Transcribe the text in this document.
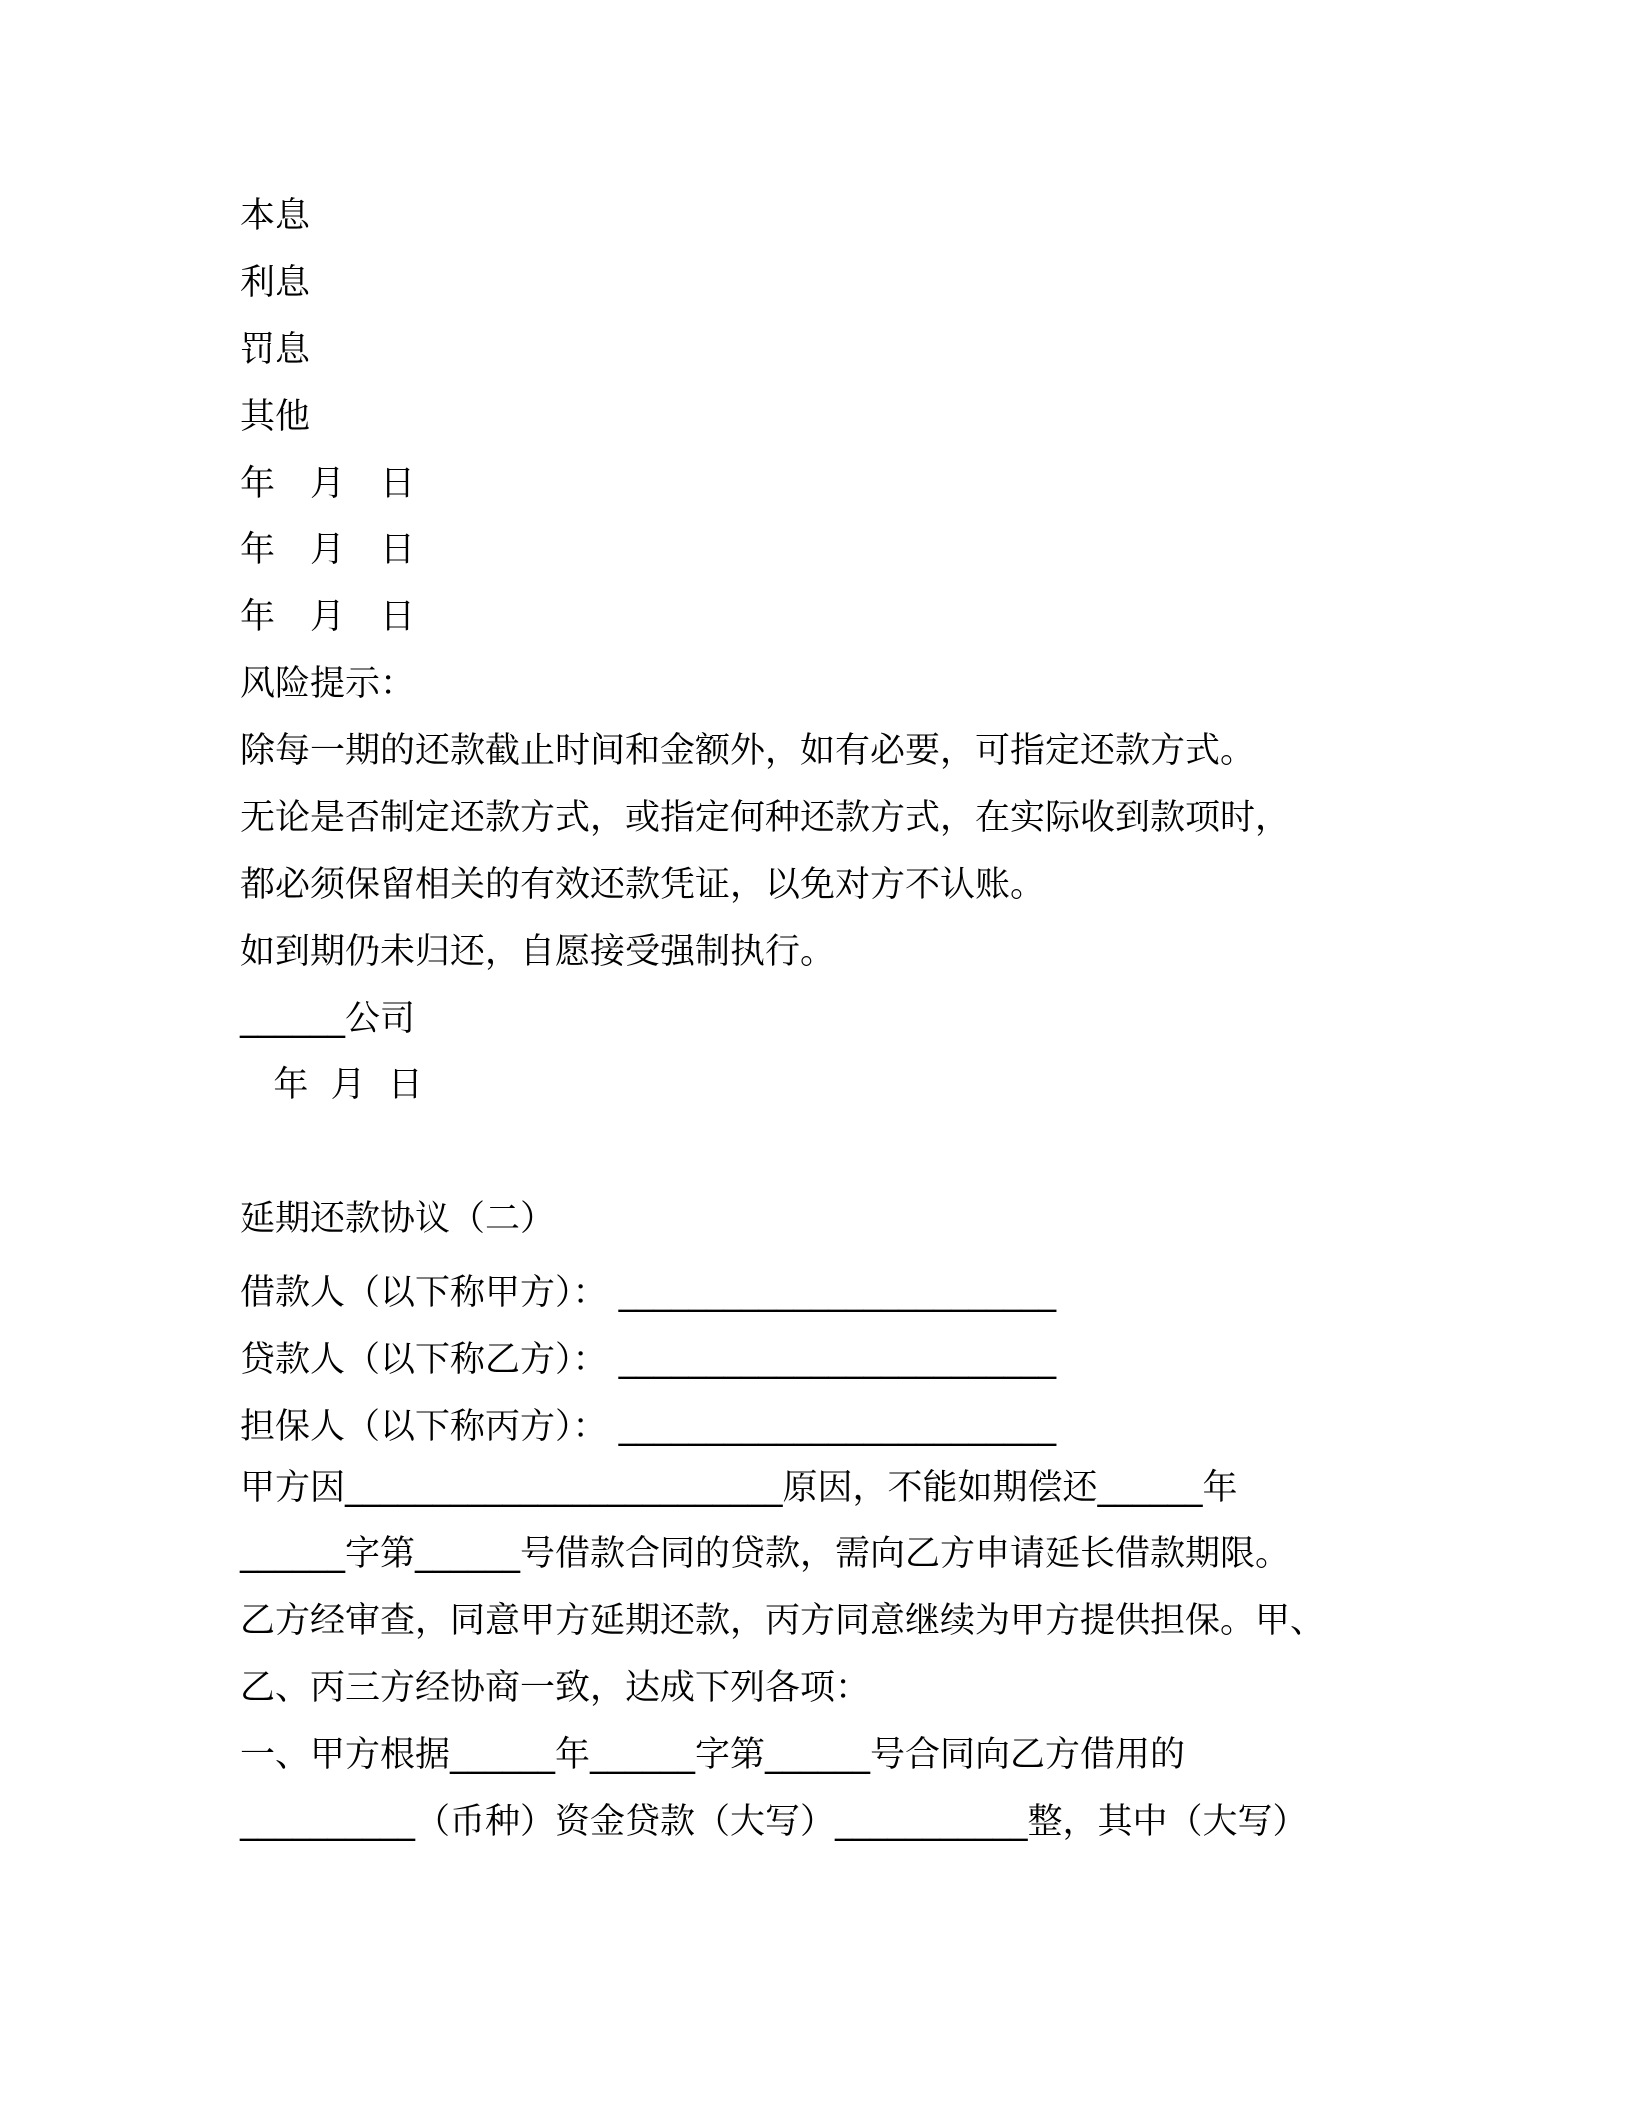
本息
利息
罚息
其他
年　月　日
年　月　日
年　月　日
风险提示：
除每一期的还款截止时间和金额外，如有必要，可指定还款方式。
无论是否制定还款方式，或指定何种还款方式，在实际收到款项时，
都必须保留相关的有效还款凭证，以免对方不认账。
如到期仍未归还，自愿接受强制执行。
______公司
年  月  日
延期还款协议（二）
借款人（以下称甲方）： _________________________
贷款人（以下称乙方）： _________________________
担保人（以下称丙方）： _________________________
甲方因_________________________原因，不能如期偿还______年
______字第______号借款合同的贷款，需向乙方申请延长借款期限。
乙方经审查，同意甲方延期还款，丙方同意继续为甲方提供担保。甲、
乙、丙三方经协商一致，达成下列各项：
一、甲方根据______年______字第______号合同向乙方借用的
__________（币种）资金贷款（大写）___________整，其中（大写）
